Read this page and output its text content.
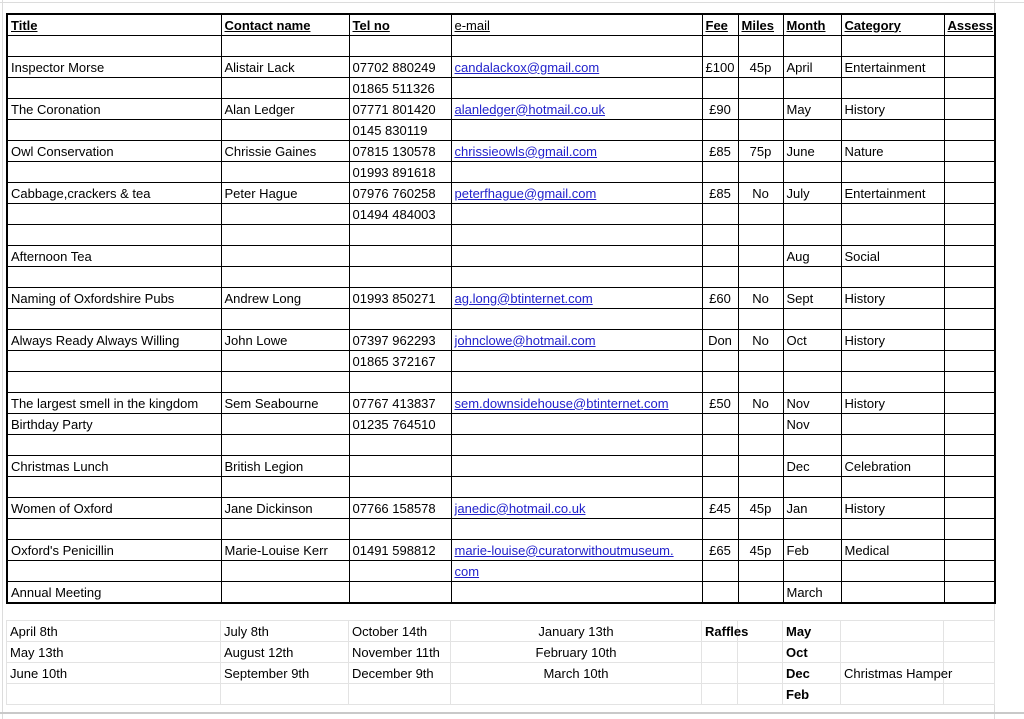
Title	Contact name	Tel no	e-mail	Fee	Miles	Month	Category	Assess

Inspector Morse	Alistair Lack	07702 880249	candalackox@gmail.com	£100	45p	April	Entertainment	
		01865 511326						
The Coronation	Alan Ledger	07771 801420	alanledger@hotmail.co.uk	£90		May	History	
		0145 830119						
Owl Conservation	Chrissie Gaines	07815 130578	chrissieowls@gmail.com	£85	75p	June	Nature	
		01993 891618						
Cabbage,crackers & tea	Peter Hague	07976 760258	peterfhague@gmail.com	£85	No	July	Entertainment	
		01494 484003						

Afternoon Tea						Aug	Social	

Naming of Oxfordshire Pubs	Andrew Long	01993 850271	ag.long@btinternet.com	£60	No	Sept	History	

Always Ready Always Willing	John Lowe	07397 962293	johnclowe@hotmail.com	Don	No	Oct	History	
		01865 372167						

The largest smell in the kingdom	Sem Seabourne	07767 413837	sem.downsidehouse@btinternet.com	£50	No	Nov	History	
Birthday Party		01235 764510				Nov		

Christmas Lunch	British Legion					Dec	Celebration	

Women of Oxford	Jane Dickinson	07766 158578	janedic@hotmail.co.uk	£45	45p	Jan	History	

Oxford's Penicillin	Marie-Louise Kerr	01491 598812	marie-louise@curatorwithoutmuseum.	£65	45p	Feb	Medical	
			com					
Annual Meeting						March		
April 8th	July 8th	October 14th	January 13th	Raffles		May		
May 13th	August 12th	November 11th	February 10th			Oct		
June 10th	September 9th	December 9th	March 10th			Dec	Christmas Hamper	
						Feb		
